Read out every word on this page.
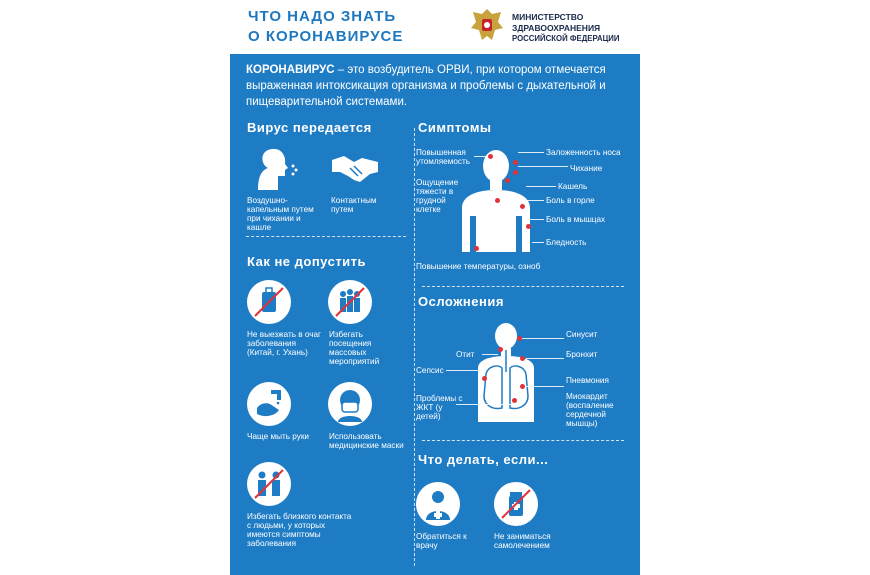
ЧТО НАДО ЗНАТЬ
О КОРОНАВИРУСЕ
МИНИСТЕРСТВО
ЗДРАВООХРАНЕНИЯ
РОССИЙСКОЙ ФЕДЕРАЦИИ
КОРОНАВИРУС – это возбудитель ОРВИ, при котором отмечается выраженная интоксикация организма и проблемы с дыхательной и пищеварительной системами.
Вирус передается
Воздушно-капельным путем при чихании и кашле
Контактным путем
Как не допустить
Не выезжать в очаг заболевания (Китай, г. Ухань)
Избегать посещения массовых мероприятий
Чаще мыть руки	Использовать медицинские маски
Избегать близкого контакта с людьми, у которых имеются симптомы заболевания
Симптомы
Повышенная утомляемость
Ощущение тяжести в грудной клетке
Заложенность носа
Чихание
Кашель
Боль в горле
Боль в мышцах
Бледность
Повышение температуры, озноб
Осложнения
Отит
Сепсис
Проблемы с ЖКТ (у детей)
Синусит
Бронхит
Пневмония
Миокардит (воспаление сердечной мышцы)
Что делать, если...
Обратиться к врачу
Не заниматься самолечением
